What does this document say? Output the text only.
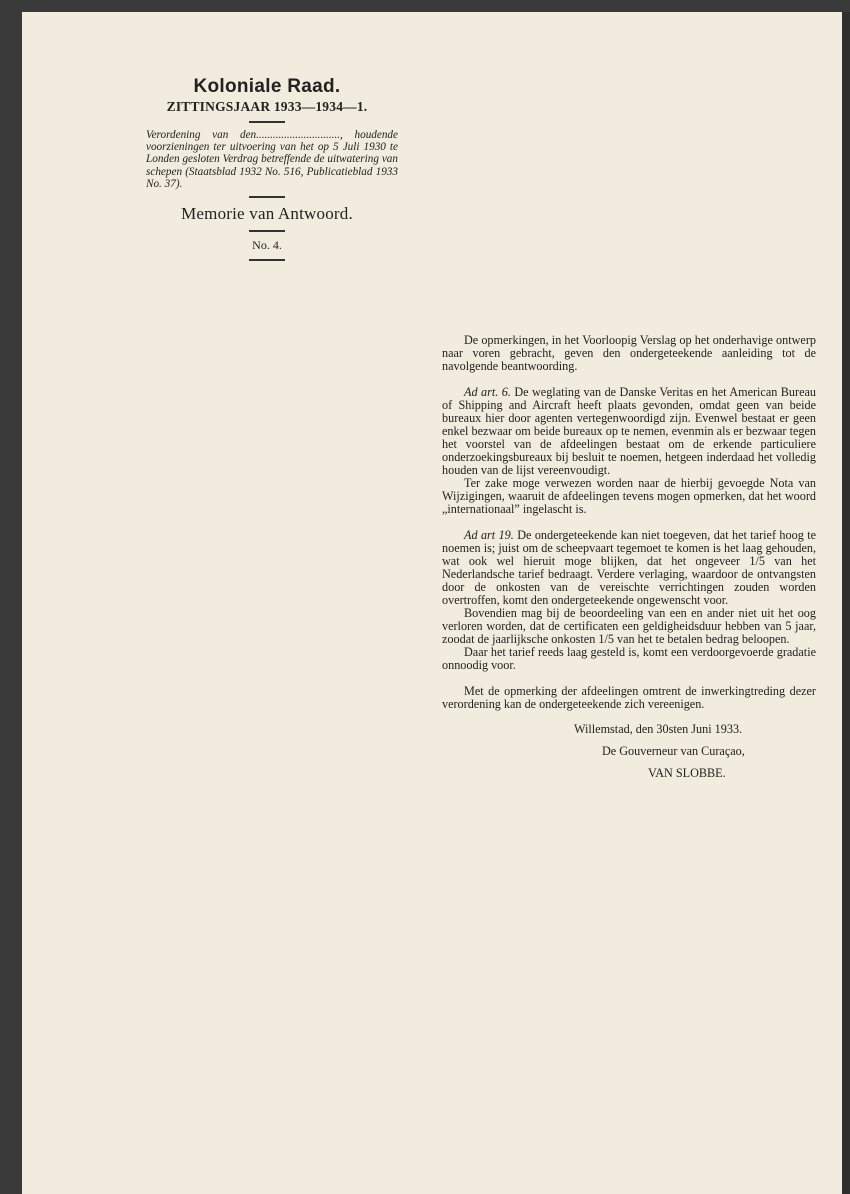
Koloniale Raad.

ZITTINGSJAAR 1933—1934—1.

Verordening van den.............................., houdende voorzieningen ter uitvoering van het op 5 Juli 1930 te Londen gesloten Verdrag betreffende de uitwatering van schepen (Staatsblad 1932 No. 516, Publicatieblad 1933 No. 37).

Memorie van Antwoord.

No. 4.

De opmerkingen, in het Voorloopig Verslag op het onderhavige ontwerp naar voren gebracht, geven den ondergeteekende aanleiding tot de navolgende beantwoording.

Ad art. 6. De weglating van de Danske Veritas en het American Bureau of Shipping and Aircraft heeft plaats gevonden, omdat geen van beide bureaux hier door agenten vertegenwoordigd zijn. Evenwel bestaat er geen enkel bezwaar om beide bureaux op te nemen, evenmin als er bezwaar tegen het voorstel van de afdeelingen bestaat om de erkende particuliere onderzoekingsbureaux bij besluit te noemen, hetgeen inderdaad het volledig houden van de lijst vereenvoudigt.

Ter zake moge verwezen worden naar de hierbij gevoegde Nota van Wijzigingen, waaruit de afdeelingen tevens mogen opmerken, dat het woord „internationaal” ingelascht is.

Ad art 19. De ondergeteekende kan niet toegeven, dat het tarief hoog te noemen is; juist om de scheepvaart tegemoet te komen is het laag gehouden, wat ook wel hieruit moge blijken, dat het ongeveer 1/5 van het Nederlandsche tarief bedraagt. Verdere verlaging, waardoor de ontvangsten door de onkosten van de vereischte verrichtingen zouden worden overtroffen, komt den ondergeteekende ongewenscht voor.

Bovendien mag bij de beoordeeling van een en ander niet uit het oog verloren worden, dat de certificaten een geldigheidsduur hebben van 5 jaar, zoodat de jaarlijksche onkosten 1/5 van het te betalen bedrag beloopen.

Daar het tarief reeds laag gesteld is, komt een verdoorgevoerde gradatie onnoodig voor.

Met de opmerking der afdeelingen omtrent de inwerkingtreding dezer verordening kan de ondergeteekende zich vereenigen.

Willemstad, den 30sten Juni 1933.

De Gouverneur van Curaçao,

VAN SLOBBE.
